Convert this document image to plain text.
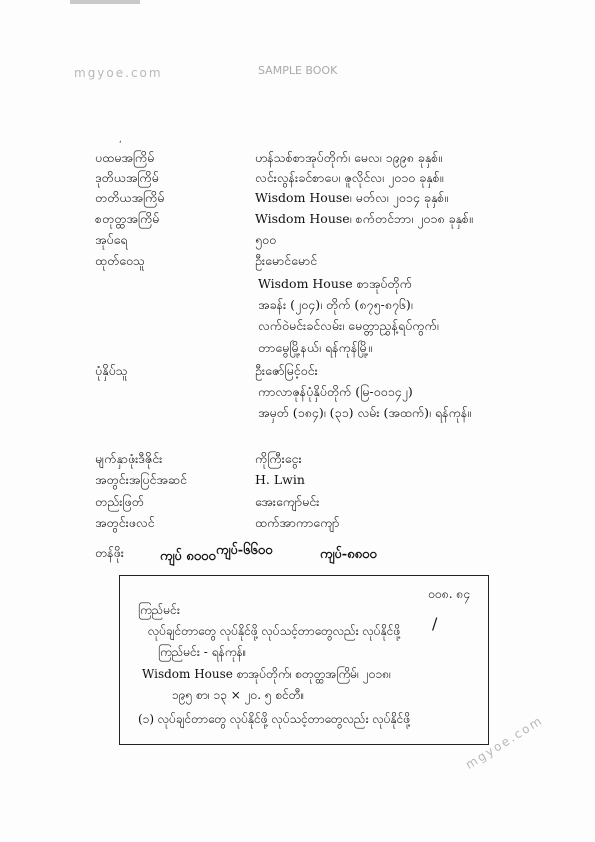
mgyoe.com	SAMPLE BOOK
ʹ
ပထမအကြိမ်	ဟန်သစ်စာအုပ်တိုက်၊ မေလ၊ ၁၉၉၈ ခုနှစ်။
ဒုတိယအကြိမ်	လင်းလွန်းခင်စာပေ၊ ဇူလိုင်လ၊ ၂၀၁၀ ခုနှစ်။
တတိယအကြိမ်	Wisdom House၊ မတ်လ၊ ၂၀၁၄ ခုနှစ်။
စတုတ္ထအကြိမ်	Wisdom House၊ စက်တင်ဘာ၊ ၂၀၁၈ ခုနှစ်။
အုပ်ရေ	၅၀၀
ထုတ်ဝေသူ	ဦးမောင်မောင်
Wisdom House စာအုပ်တိုက်
အခန်း (၂၀၄)၊ တိုက် (၈၇၅-၈၇၆)၊
လက်ဝဲမင်းခင်လမ်း၊ မေတ္တာညွှန့်ရပ်ကွက်၊
တာမွေမြို့နယ်၊ ရန်ကုန်မြို့။
ပုံနှိပ်သူ	ဦးဇော်မြင့်ဝင်း
ကာလာဇုန်ပုံနှိပ်တိုက် (မြ-၀၀၁၄၂)
အမှတ် (၁၈၄)၊ (၃၁) လမ်း (အထက်)၊ ရန်ကုန်။
မျက်နှာဖုံးဒီဇိုင်း	ကိုကြီးငွေး
အတွင်းအပြင်အဆင်	H. Lwin
တည်းဖြတ်	အေးကျော်မင်း
အတွင်းဖလင်	ထက်အာကာကျော်
တန်ဖိုး	ကျပ် ၈၀၀၀ ကျပ်-၆၆၀၀	ကျပ်-၈၈၀၀
၀၀၈. ၈၄
ကြည်မင်း
လုပ်ချင်တာတွေ လုပ်နိုင်ဖို့ လုပ်သင့်တာတွေလည်း လုပ်နိုင်ဖို့ /
ကြည်မင်း - ရန်ကုန်။
Wisdom House စာအုပ်တိုက်၊ စတုတ္ထအကြိမ်၊ ၂၀၁၈၊
၁၉၅ စာ၊ ၁၃ × ၂၀. ၅ စင်တီ။
(၁) လုပ်ချင်တာတွေ လုပ်နိုင်ဖို့ လုပ်သင့်တာတွေလည်း လုပ်နိုင်ဖို့	mgyoe.com
